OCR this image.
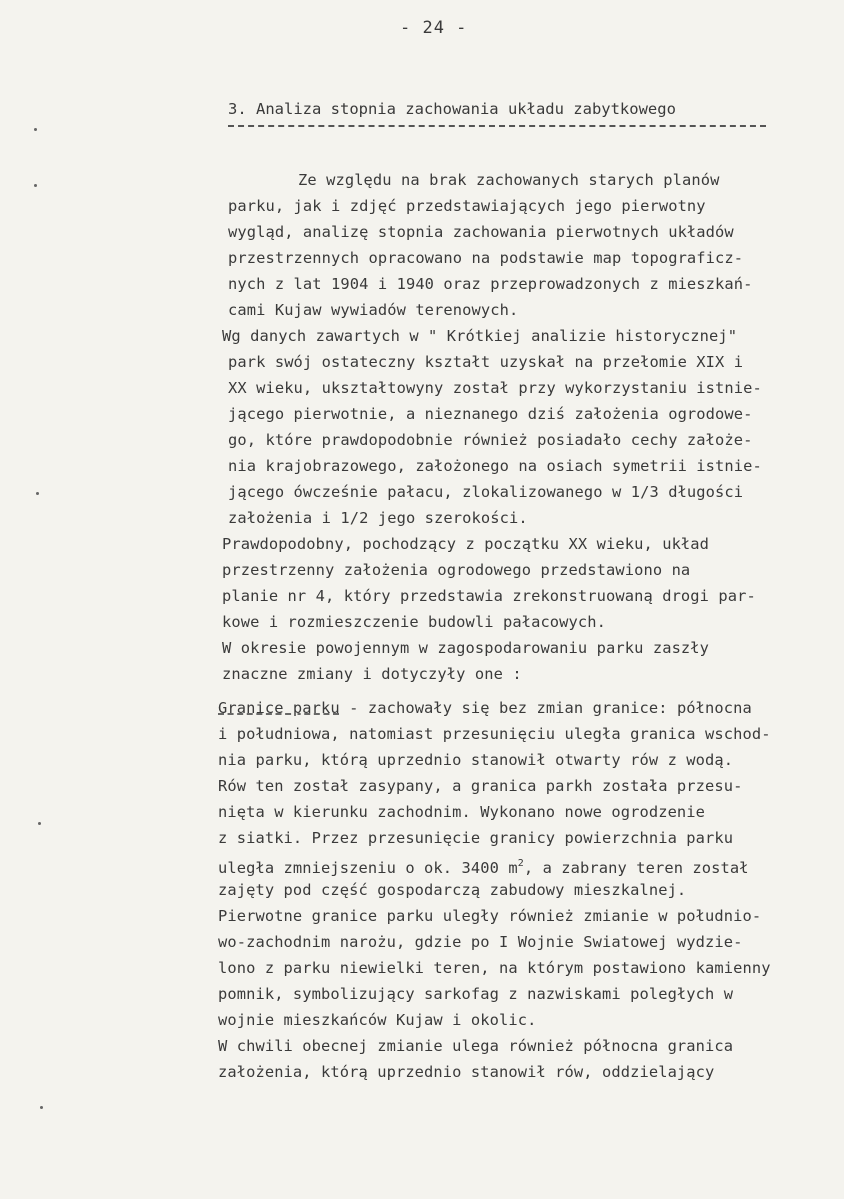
- 24 -
3. Analiza stopnia zachowania układu zabytkowego
Ze względu na brak zachowanych starych planów
parku, jak i zdjęć przedstawiających jego pierwotny
wygląd, analizę stopnia zachowania pierwotnych układów
przestrzennych opracowano na podstawie map topograficz-
nych z lat 1904 i 1940 oraz przeprowadzonych z mieszkań-
cami Kujaw wywiadów terenowych.
Wg danych zawartych w " Krótkiej analizie historycznej"
park swój ostateczny kształt uzyskał na przełomie XIX i
XX wieku, ukształtowyny został przy wykorzystaniu istnie-
jącego pierwotnie, a nieznanego dziś założenia ogrodowe-
go, które prawdopodobnie również posiadało cechy założe-
nia krajobrazowego, założonego na osiach symetrii istnie-
jącego ówcześnie pałacu, zlokalizowanego w 1/3 długości
założenia i 1/2 jego szerokości.
Prawdopodobny, pochodzący z początku XX wieku, układ
przestrzenny założenia ogrodowego przedstawiono na
planie nr 4, który przedstawia zrekonstruowaną drogi par-
kowe i rozmieszczenie budowli pałacowych.
W okresie powojennym w zagospodarowaniu parku zaszły
znaczne zmiany i dotyczyły one :
Granice parku - zachowały się bez zmian granice: północna
i południowa, natomiast przesunięciu uległa granica wschod-
nia parku, którą uprzednio stanowił otwarty rów z wodą.
Rów ten został zasypany, a granica parkh została przesu-
nięta w kierunku zachodnim. Wykonano nowe ogrodzenie
z siatki. Przez przesunięcie granicy powierzchnia parku
uległa zmniejszeniu o ok. 3400 $m^2$, a zabrany teren został
zajęty pod część gospodarczą zabudowy mieszkalnej.
Pierwotne granice parku uległy również zmianie w południo-
wo-zachodnim narożu, gdzie po I Wojnie Swiatowej wydzie-
lono z parku niewielki teren, na którym postawiono kamienny
pomnik, symbolizujący sarkofag z nazwiskami poległych w
wojnie mieszkańców Kujaw i okolic.
W chwili obecnej zmianie ulega również północna granica
założenia, którą uprzednio stanowił rów, oddzielający
